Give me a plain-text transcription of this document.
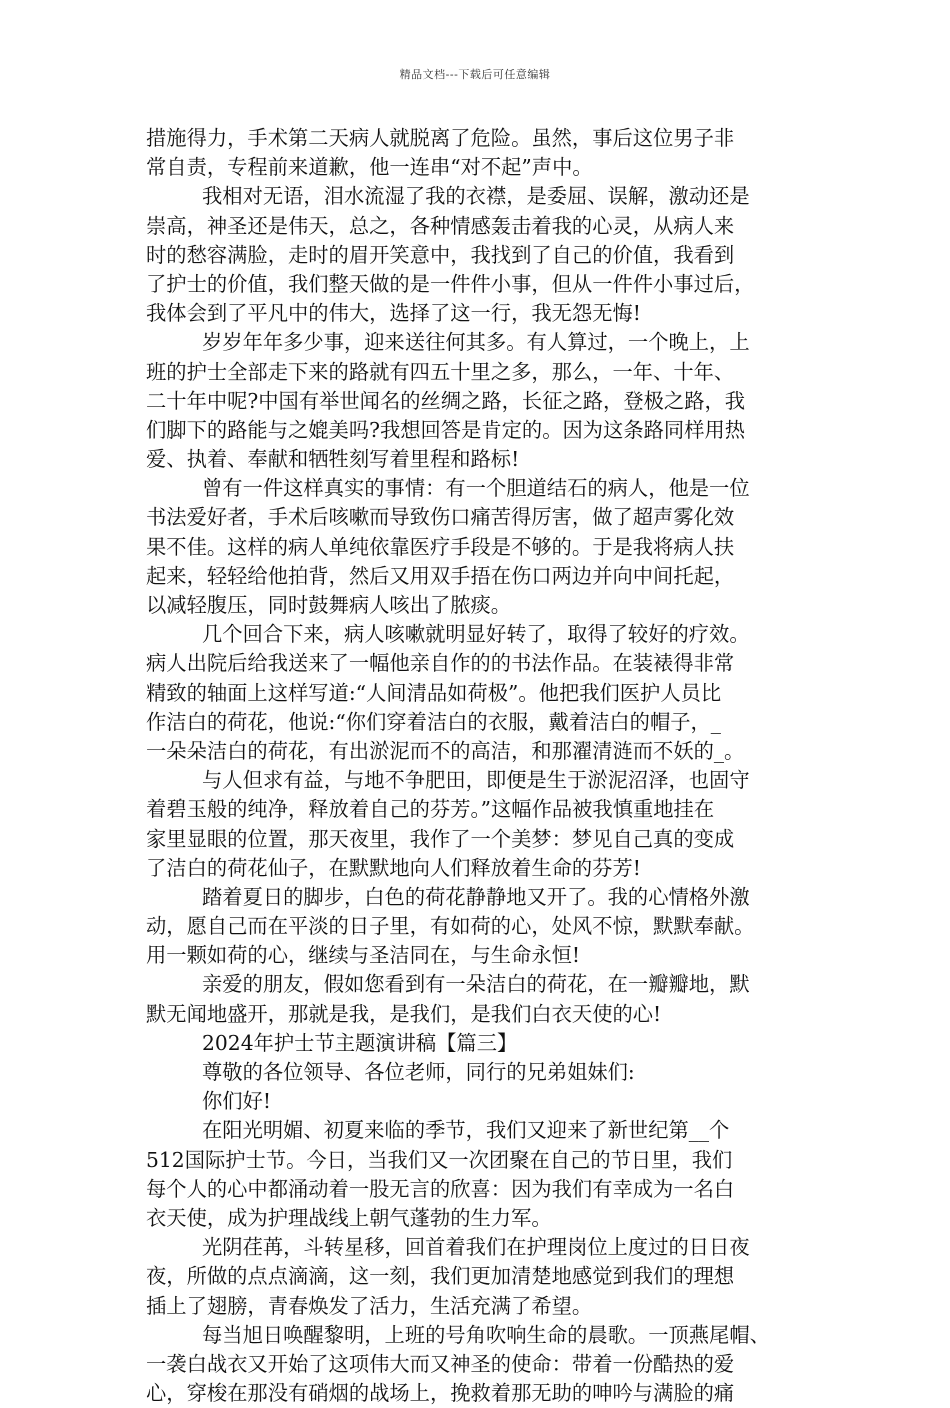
精品文档---下载后可任意编辑
措施得力，手术第二天病人就脱离了危险。虽然，事后这位男子非
常自责，专程前来道歉，他一连串“对不起”声中。
我相对无语，泪水流湿了我的衣襟，是委屈、误解，激动还是
崇高，神圣还是伟天，总之，各种情感轰击着我的心灵，从病人来
时的愁容满脸，走时的眉开笑意中，我找到了自己的价值，我看到
了护士的价值，我们整天做的是一件件小事，但从一件件小事过后，
我体会到了平凡中的伟大，选择了这一行，我无怨无悔!
岁岁年年多少事，迎来送往何其多。有人算过，一个晚上，上
班的护士全部走下来的路就有四五十里之多，那么，一年、十年、
二十年中呢?中国有举世闻名的丝绸之路，长征之路，登极之路，我
们脚下的路能与之媲美吗?我想回答是肯定的。因为这条路同样用热
爱、执着、奉献和牺牲刻写着里程和路标!
曾有一件这样真实的事情：有一个胆道结石的病人，他是一位
书法爱好者，手术后咳嗽而导致伤口痛苦得厉害，做了超声雾化效
果不佳。这样的病人单纯依靠医疗手段是不够的。于是我将病人扶
起来，轻轻给他拍背，然后又用双手捂在伤口两边并向中间托起，
以减轻腹压，同时鼓舞病人咳出了脓痰。
几个回合下来，病人咳嗽就明显好转了，取得了较好的疗效。
病人出院后给我送来了一幅他亲自作的的书法作品。在装裱得非常
精致的轴面上这样写道:“人间清品如荷极”。他把我们医护人员比
作洁白的荷花，他说:“你们穿着洁白的衣服，戴着洁白的帽子，_
一朵朵洁白的荷花，有出淤泥而不的高洁，和那濯清涟而不妖的_。
与人但求有益，与地不争肥田，即便是生于淤泥沼泽，也固守
着碧玉般的纯净，释放着自己的芬芳。”这幅作品被我慎重地挂在
家里显眼的位置，那天夜里，我作了一个美梦：梦见自己真的变成
了洁白的荷花仙子，在默默地向人们释放着生命的芬芳!
踏着夏日的脚步，白色的荷花静静地又开了。我的心情格外激
动，愿自己而在平淡的日子里，有如荷的心，处风不惊，默默奉献。
用一颗如荷的心，继续与圣洁同在，与生命永恒!
亲爱的朋友，假如您看到有一朵洁白的荷花，在一瓣瓣地，默
默无闻地盛开，那就是我，是我们，是我们白衣天使的心!
2024年护士节主题演讲稿【篇三】
尊敬的各位领导、各位老师，同行的兄弟姐妹们:
你们好!
在阳光明媚、初夏来临的季节，我们又迎来了新世纪第__个
512国际护士节。今日，当我们又一次团聚在自己的节日里，我们
每个人的心中都涌动着一股无言的欣喜：因为我们有幸成为一名白
衣天使，成为护理战线上朝气蓬勃的生力军。
光阴荏苒，斗转星移，回首着我们在护理岗位上度过的日日夜
夜，所做的点点滴滴，这一刻，我们更加清楚地感觉到我们的理想
插上了翅膀，青春焕发了活力，生活充满了希望。
每当旭日唤醒黎明，上班的号角吹响生命的晨歌。一顶燕尾帽、
一袭白战衣又开始了这项伟大而又神圣的使命：带着一份酷热的爱
心，穿梭在那没有硝烟的战场上，挽救着那无助的呻吟与满脸的痛
